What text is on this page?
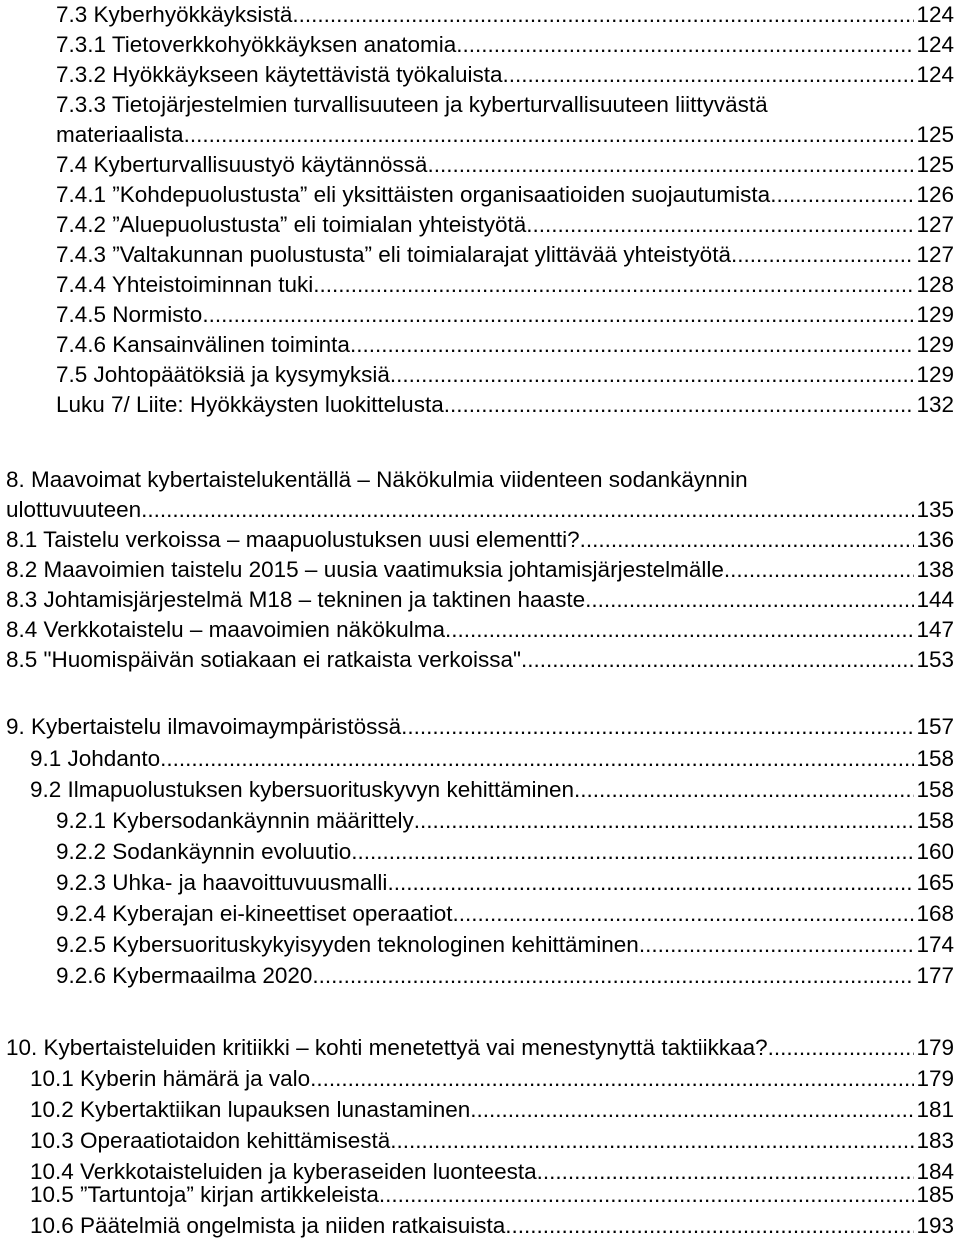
7.3 Kyberhyökkäyksistä .....	124
7.3.1 Tietoverkkohyökkäyksen anatomia .....	124
7.3.2 Hyökkäykseen käytettävistä työkaluista .....	124
7.3.3 Tietojärjestelmien turvallisuuteen ja kyberturvallisuuteen liittyvästä
materiaalista .....	125
7.4 Kyberturvallisuustyö käytännössä .....	125
7.4.1 ”Kohdepuolustusta” eli yksittäisten organisaatioiden suojautumista .....	126
7.4.2 ”Aluepuolustusta” eli toimialan yhteistyötä .....	127
7.4.3 ”Valtakunnan puolustusta” eli toimialarajat ylittävää yhteistyötä .....	127
7.4.4 Yhteistoiminnan tuki .....	128
7.4.5 Normisto .....	129
7.4.6 Kansainvälinen toiminta .....	129
7.5 Johtopäätöksiä ja kysymyksiä .....	129
Luku 7/ Liite: Hyökkäysten luokittelusta .....	132
8. Maavoimat kybertaistelukentällä – Näkökulmia viidenteen sodankäynnin
ulottuvuuteen .....	135
8.1 Taistelu verkoissa – maapuolustuksen uusi elementti? .....	136
8.2 Maavoimien taistelu 2015 – uusia vaatimuksia johtamisjärjestelmälle. .....	138
8.3 Johtamisjärjestelmä M18 – tekninen ja taktinen haaste .....	144
8.4 Verkkotaistelu – maavoimien näkökulma .....	147
8.5 "Huomispäivän sotiakaan ei ratkaista verkoissa" .....	153
9. Kybertaistelu ilmavoimaympäristössä .....	157
9.1 Johdanto .....	158
9.2 Ilmapuolustuksen kybersuorituskyvyn kehittäminen .....	158
9.2.1 Kybersodankäynnin määrittely .....	158
9.2.2 Sodankäynnin evoluutio .....	160
9.2.3 Uhka- ja haavoittuvuusmalli .....	165
9.2.4 Kyberajan ei-kineettiset operaatiot .....	168
9.2.5 Kybersuorituskykyisyyden teknologinen kehittäminen .....	174
9.2.6 Kybermaailma 2020 .....	177
10. Kybertaisteluiden kritiikki – kohti menetettyä vai menestynyttä taktiikkaa? .....	179
10.1 Kyberin hämärä ja valo .....	179
10.2 Kybertaktiikan lupauksen lunastaminen .....	181
10.3 Operaatiotaidon kehittämisestä .....	183
10.4 Verkkotaisteluiden ja kyberaseiden luonteesta .....	184
10.5 ”Tartuntoja” kirjan artikkeleista .....	185
10.6 Päätelmiä ongelmista ja niiden ratkaisuista .....	193
